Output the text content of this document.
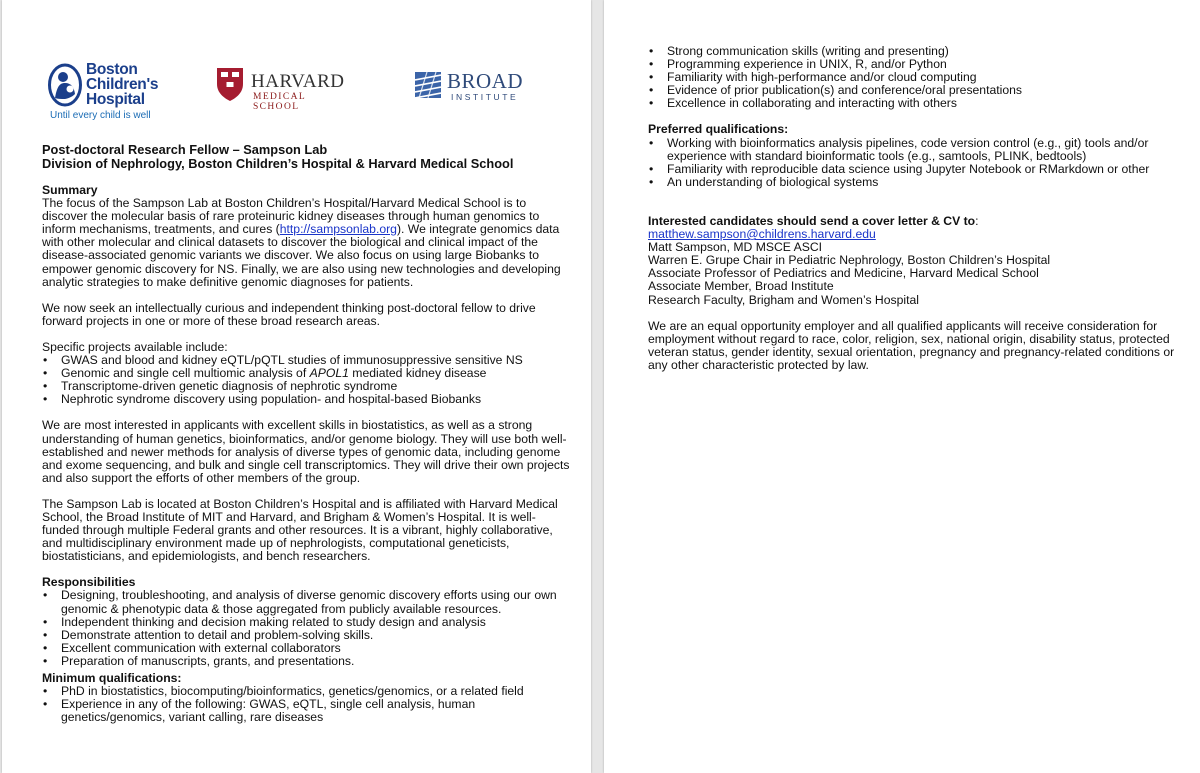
Boston
Children's
Hospital
Until every child is well
HARVARD
MEDICAL SCHOOL
BROAD
INSTITUTE
Post-doctoral Research Fellow – Sampson Lab
Division of Nephrology, Boston Children’s Hospital & Harvard Medical School
Summary

The focus of the Sampson Lab at Boston Children’s Hospital/Harvard Medical School is to discover the molecular basis of rare proteinuric kidney diseases through human genomics to inform mechanisms, treatments, and cures (http://sampsonlab.org). We integrate genomics data with other molecular and clinical datasets to discover the biological and clinical impact of the disease-associated genomic variants we discover. We also focus on using large Biobanks to empower genomic discovery for NS. Finally, we are also using new technologies and developing analytic strategies to make definitive genomic diagnoses for patients.

We now seek an intellectually curious and independent thinking post-doctoral fellow to drive forward projects in one or more of these broad research areas.

Specific projects available include:

• GWAS and blood and kidney eQTL/pQTL studies of immunosuppressive sensitive NS
• Genomic and single cell multiomic analysis of APOL1 mediated kidney disease
• Transcriptome-driven genetic diagnosis of nephrotic syndrome
• Nephrotic syndrome discovery using population- and hospital-based Biobanks

We are most interested in applicants with excellent skills in biostatistics, as well as a strong understanding of human genetics, bioinformatics, and/or genome biology. They will use both well-established and newer methods for analysis of diverse types of genomic data, including genome and exome sequencing, and bulk and single cell transcriptomics. They will drive their own projects and also support the efforts of other members of the group.

The Sampson Lab is located at Boston Children’s Hospital and is affiliated with Harvard Medical School, the Broad Institute of MIT and Harvard, and Brigham & Women’s Hospital. It is well-funded through multiple Federal grants and other resources. It is a vibrant, highly collaborative, and multidisciplinary environment made up of nephrologists, computational geneticists, biostatisticians, and epidemiologists, and bench researchers.

Responsibilities
• Designing, troubleshooting, and analysis of diverse genomic discovery efforts using our own genomic & phenotypic data & those aggregated from publicly available resources.
• Independent thinking and decision making related to study design and analysis
• Demonstrate attention to detail and problem-solving skills.
• Excellent communication with external collaborators
• Preparation of manuscripts, grants, and presentations.
Minimum qualifications:
• PhD in biostatistics, biocomputing/bioinformatics, genetics/genomics, or a related field
• Experience in any of the following: GWAS, eQTL, single cell analysis, human genetics/genomics, variant calling, rare diseases
• Strong communication skills (writing and presenting)
• Programming experience in UNIX, R, and/or Python
• Familiarity with high-performance and/or cloud computing
• Evidence of prior publication(s) and conference/oral presentations
• Excellence in collaborating and interacting with others
Preferred qualifications:
• Working with bioinformatics analysis pipelines, code version control (e.g., git) tools and/or experience with standard bioinformatic tools (e.g., samtools, PLINK, bedtools)
• Familiarity with reproducible data science using Jupyter Notebook or RMarkdown or other
• An understanding of biological systems
Interested candidates should send a cover letter & CV to:
matthew.sampson@childrens.harvard.edu
Matt Sampson, MD MSCE ASCI
Warren E. Grupe Chair in Pediatric Nephrology, Boston Children’s Hospital
Associate Professor of Pediatrics and Medicine, Harvard Medical School
Associate Member, Broad Institute
Research Faculty, Brigham and Women’s Hospital

We are an equal opportunity employer and all qualified applicants will receive consideration for employment without regard to race, color, religion, sex, national origin, disability status, protected veteran status, gender identity, sexual orientation, pregnancy and pregnancy-related conditions or any other characteristic protected by law.
